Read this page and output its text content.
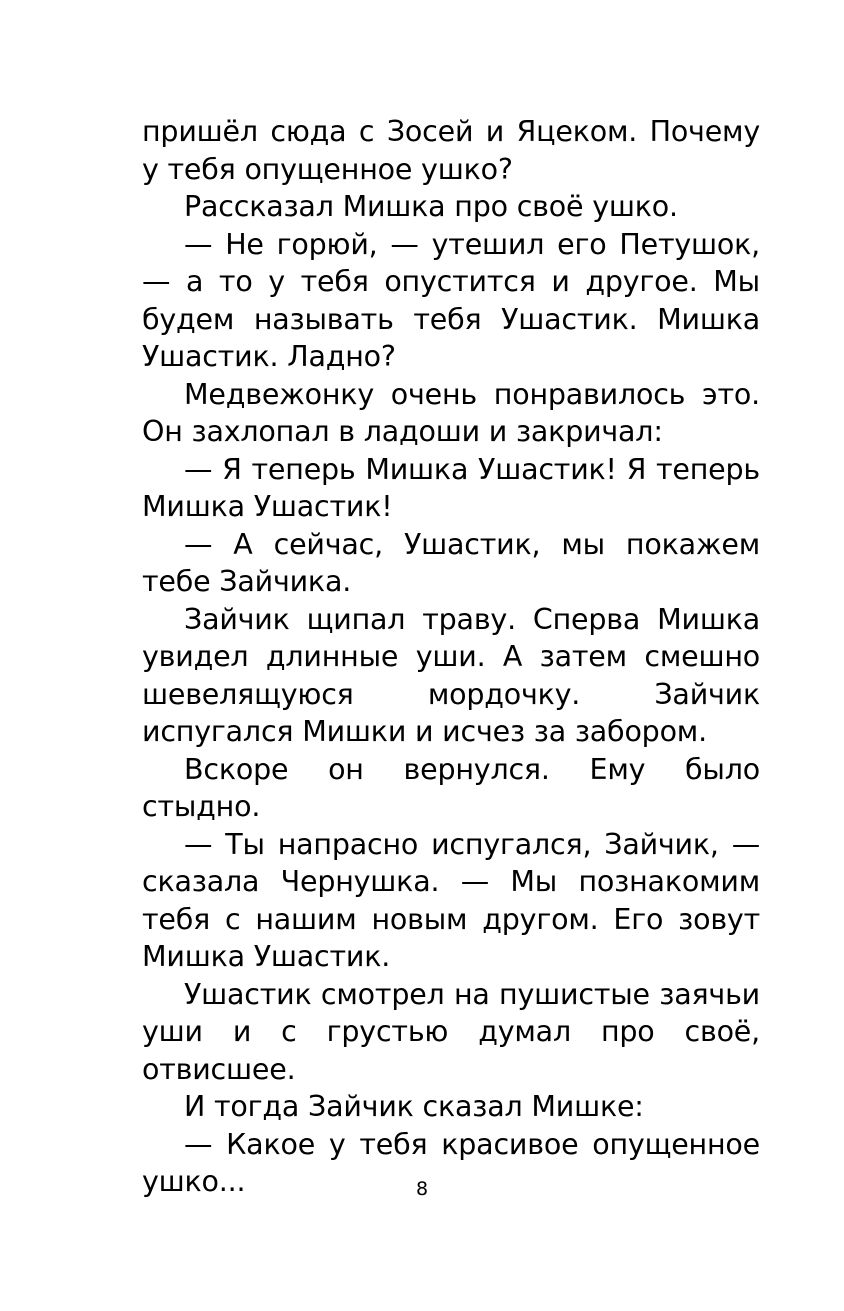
пришёл сюда с Зосей и Яцеком. Почему у тебя опущенное ушко?

Рассказал Мишка про своё ушко.

— Не горюй, — утешил его Петушок, — а то у тебя опустится и другое. Мы будем называть тебя Ушастик. Мишка Ушастик. Ладно?

Медвежонку очень понравилось это. Он захлопал в ладоши и закричал:

— Я теперь Мишка Ушастик! Я теперь Мишка Ушастик!

— А сейчас, Ушастик, мы покажем тебе Зайчика.

Зайчик щипал траву. Сперва Мишка увидел длинные уши. А затем смешно шевелящуюся мордочку. Зайчик испугался Мишки и исчез за забором.

Вскоре он вернулся. Ему было стыдно.

— Ты напрасно испугался, Зайчик, — сказала Чернушка. — Мы познакомим тебя с нашим новым другом. Его зовут Мишка Ушастик.

Ушастик смотрел на пушистые заячьи уши и с грустью думал про своё, отвисшее.

И тогда Зайчик сказал Мишке:

— Какое у тебя красивое опущенное ушко...	8
